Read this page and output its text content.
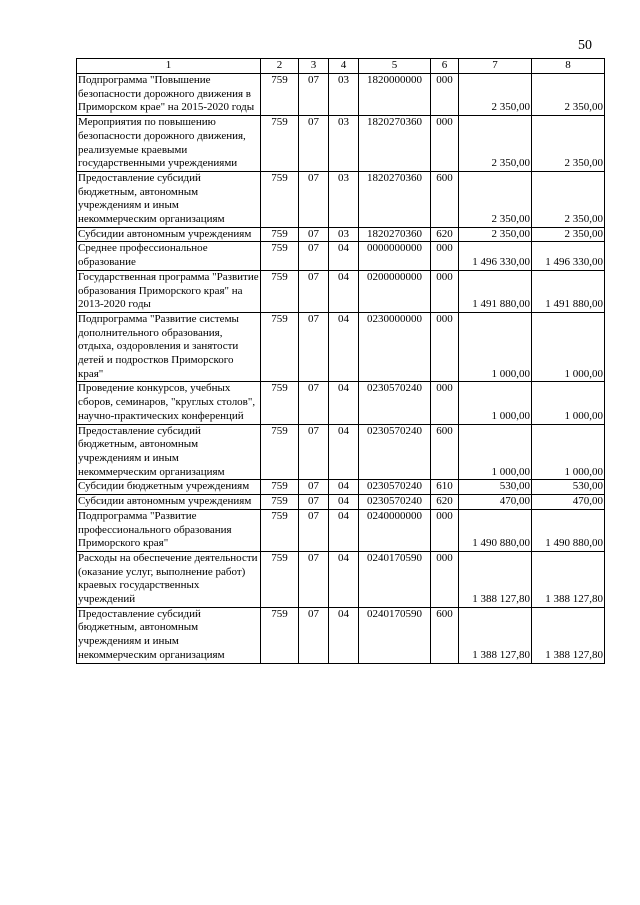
50
1	2	3	4	5	6	7	8
Подпрограмма "Повышение безопасности дорожного движения в Приморском крае" на 2015-2020 годы	759	07	03	1820000000	000	2 350,00	2 350,00
Мероприятия по повышению безопасности дорожного движения, реализуемые краевыми государственными учреждениями	759	07	03	1820270360	000	2 350,00	2 350,00
Предоставление субсидий бюджетным, автономным учреждениям и иным некоммерческим организациям	759	07	03	1820270360	600	2 350,00	2 350,00
Субсидии автономным учреждениям	759	07	03	1820270360	620	2 350,00	2 350,00
Среднее профессиональное образование	759	07	04	0000000000	000	1 496 330,00	1 496 330,00
Государственная программа "Развитие образования Приморского края" на 2013-2020 годы	759	07	04	0200000000	000	1 491 880,00	1 491 880,00
Подпрограмма "Развитие системы дополнительного образования, отдыха, оздоровления и занятости детей и подростков Приморского края"	759	07	04	0230000000	000	1 000,00	1 000,00
Проведение конкурсов, учебных сборов, семинаров, "круглых столов", научно-практических конференций	759	07	04	0230570240	000	1 000,00	1 000,00
Предоставление субсидий бюджетным, автономным учреждениям и иным некоммерческим организациям	759	07	04	0230570240	600	1 000,00	1 000,00
Субсидии бюджетным учреждениям	759	07	04	0230570240	610	530,00	530,00
Субсидии автономным учреждениям	759	07	04	0230570240	620	470,00	470,00
Подпрограмма "Развитие профессионального образования Приморского края"	759	07	04	0240000000	000	1 490 880,00	1 490 880,00
Расходы на обеспечение деятельности (оказание услуг, выполнение работ) краевых государственных учреждений	759	07	04	0240170590	000	1 388 127,80	1 388 127,80
Предоставление субсидий бюджетным, автономным учреждениям и иным некоммерческим организациям	759	07	04	0240170590	600	1 388 127,80	1 388 127,80
